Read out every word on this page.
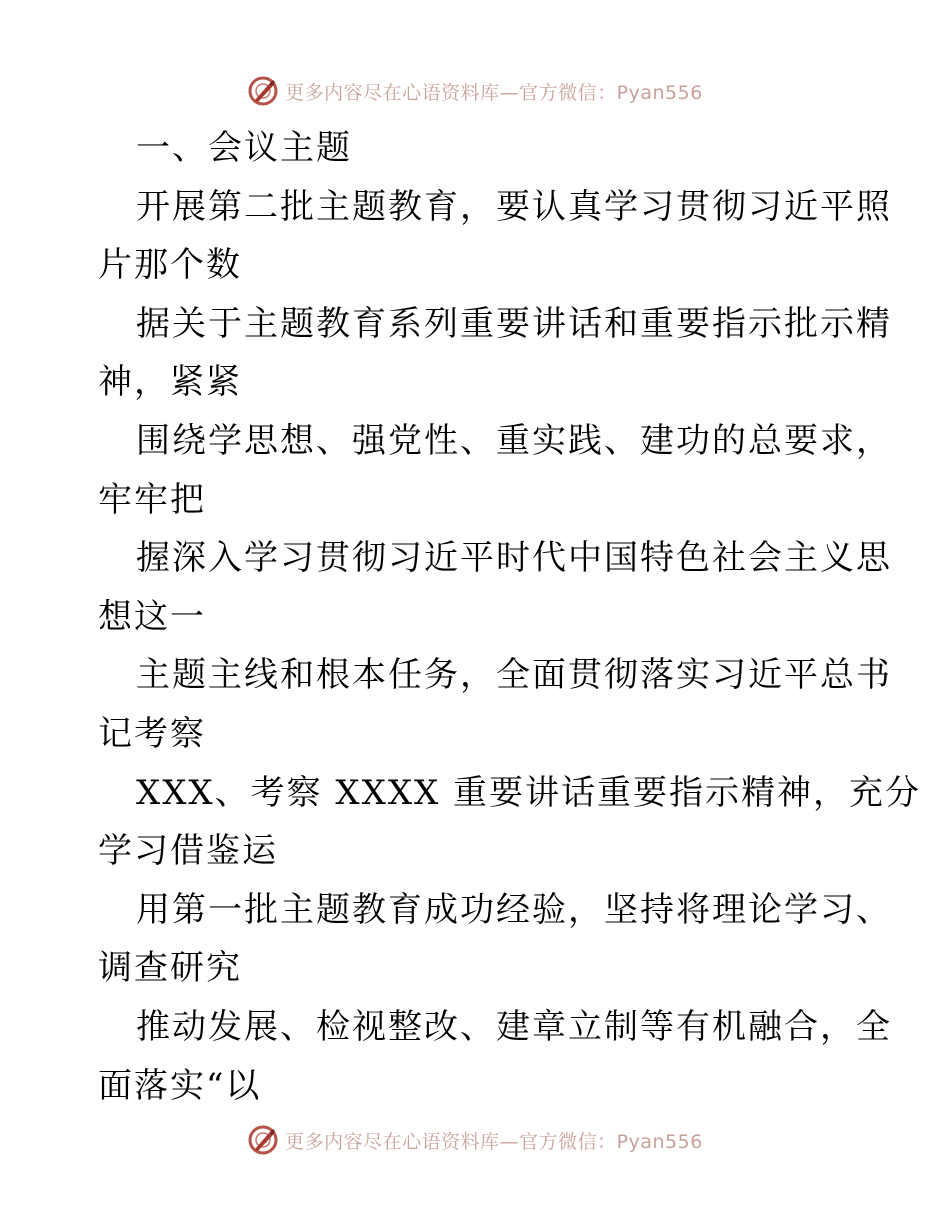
更多内容尽在心语资料库—官方微信：Pyan556
一、会议主题
开展第二批主题教育，要认真学习贯彻习近平照
片那个数
据关于主题教育系列重要讲话和重要指示批示精
神，紧紧
围绕学思想、强党性、重实践、建功的总要求，
牢牢把
握深入学习贯彻习近平时代中国特色社会主义思
想这一
主题主线和根本任务，全面贯彻落实习近平总书
记考察
XXX、考察 XXXX 重要讲话重要指示精神，充分
学习借鉴运
用第一批主题教育成功经验，坚持将理论学习、
调查研究
推动发展、检视整改、建章立制等有机融合，全
面落实“以
更多内容尽在心语资料库—官方微信：Pyan556
